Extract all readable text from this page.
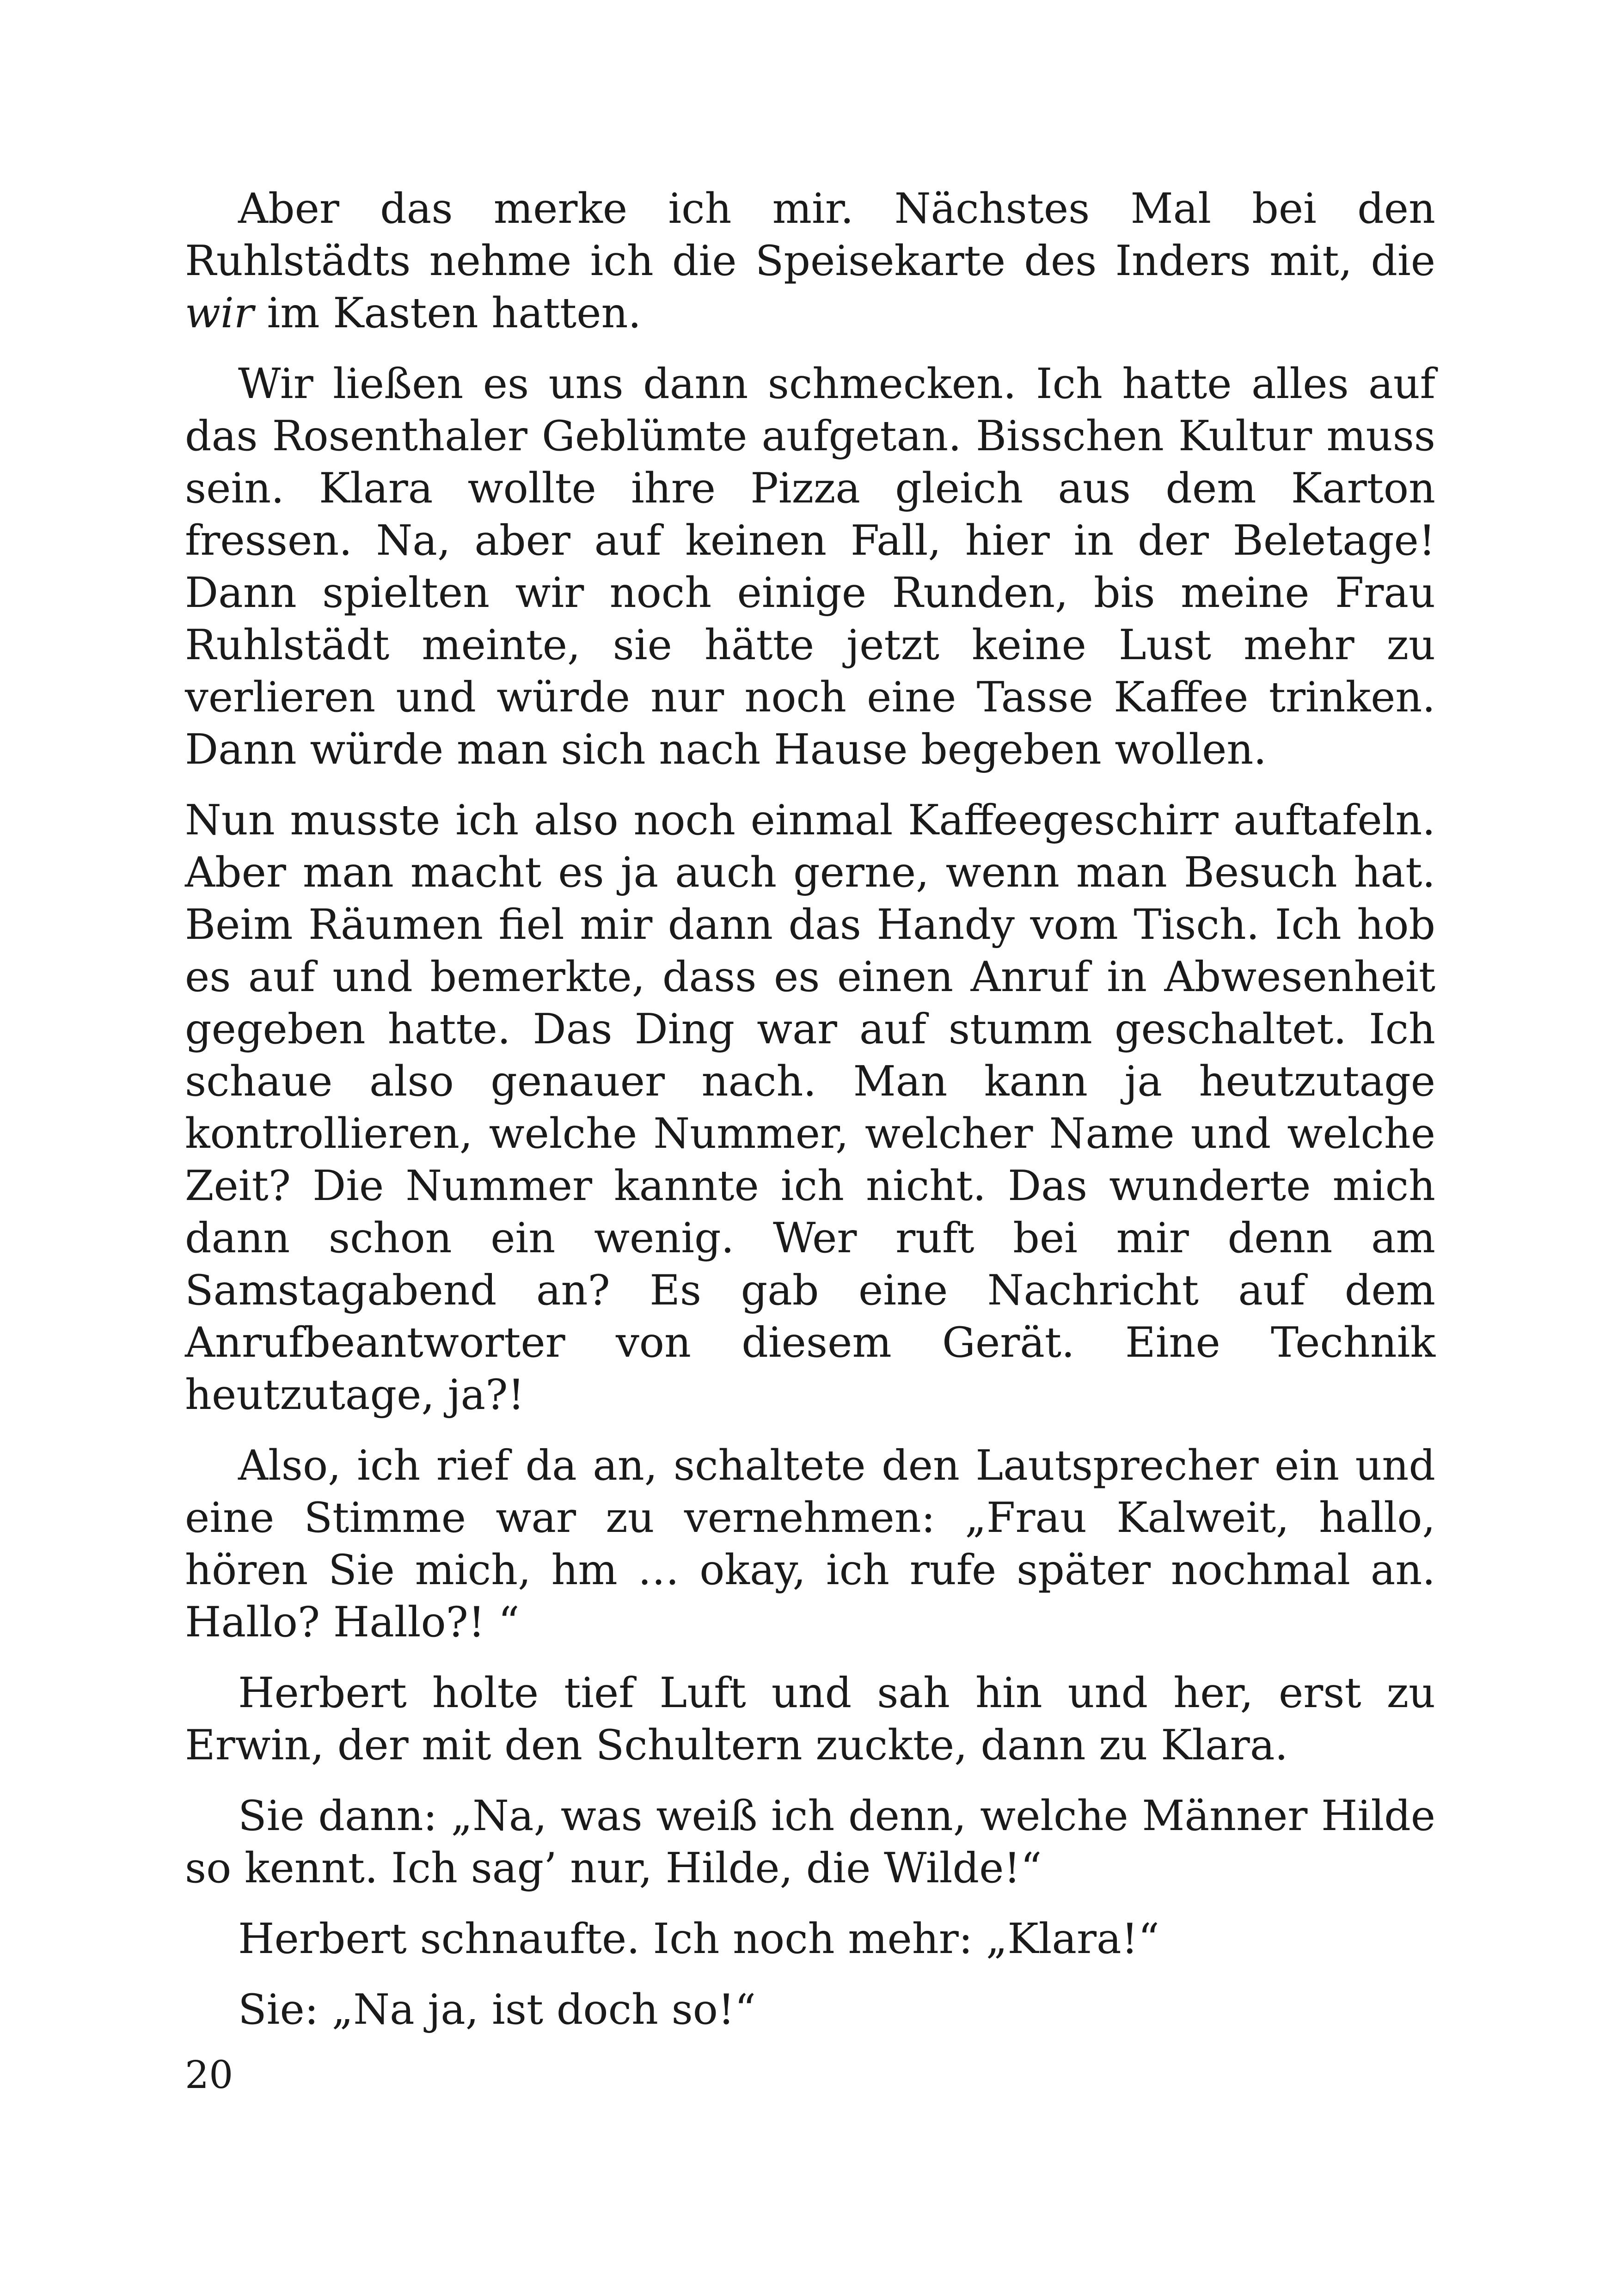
Aber das merke ich mir. Nächstes Mal bei den Ruhlstädts nehme ich die Speisekarte des Inders mit, die wir im Kasten hatten.

Wir ließen es uns dann schmecken. Ich hatte alles auf das Rosenthaler Geblümte aufgetan. Bisschen Kultur muss sein. Klara wollte ihre Pizza gleich aus dem Karton fressen. Na, aber auf keinen Fall, hier in der Beletage! Dann spielten wir noch einige Runden, bis meine Frau Ruhlstädt meinte, sie hätte jetzt keine Lust mehr zu verlieren und würde nur noch eine Tasse Kaffee trinken. Dann würde man sich nach Hause begeben wollen.

Nun musste ich also noch einmal Kaffeegeschirr auftafeln. Aber man macht es ja auch gerne, wenn man Besuch hat. Beim Räumen fiel mir dann das Handy vom Tisch. Ich hob es auf und bemerkte, dass es einen Anruf in Abwesenheit gegeben hatte. Das Ding war auf stumm geschaltet. Ich schaue also genauer nach. Man kann ja heutzutage kontrollieren, welche Nummer, welcher Name und welche Zeit? Die Nummer kannte ich nicht. Das wunderte mich dann schon ein wenig. Wer ruft bei mir denn am Samstagabend an? Es gab eine Nachricht auf dem Anrufbeantworter von diesem Gerät. Eine Technik heutzutage, ja?!

Also, ich rief da an, schaltete den Lautsprecher ein und eine Stimme war zu vernehmen: „Frau Kalweit, hallo, hören Sie mich, hm … okay, ich rufe später nochmal an. Hallo? Hallo?! “

Herbert holte tief Luft und sah hin und her, erst zu Erwin, der mit den Schultern zuckte, dann zu Klara.

Sie dann: „Na, was weiß ich denn, welche Männer Hilde so kennt. Ich sag’ nur, Hilde, die Wilde!“

Herbert schnaufte. Ich noch mehr: „Klara!“

Sie: „Na ja, ist doch so!“

20
